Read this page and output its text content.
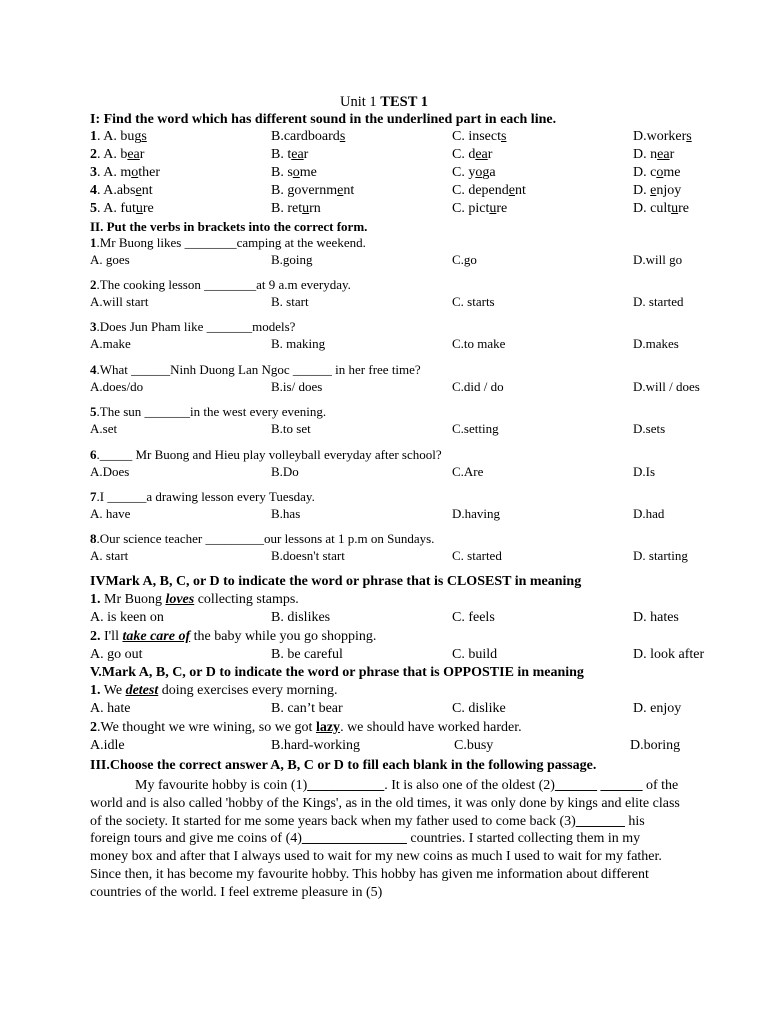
Unit 1 TEST 1
I: Find the word which has different sound in the underlined part in each line.
1. A. bugs	B.cardboards	C. insects	D.workers
2. A. bear	B. tear	C. dear	D. near
3. A. mother	B. some	C. yoga	D. come
4. A.absent	B. government	C. dependent	D. enjoy
5. A. future	B. return	C. picture	D. culture
II. Put the verbs in brackets into the correct form.
1.Mr Buong likes ________camping at the weekend.
A. goes	B.going	C.go	D.will go
2.The cooking lesson ________at 9 a.m everyday.
A.will start	B. start	C. starts	D. started
3.Does Jun Pham like _______models?
A.make	B. making	C.to make	D.makes
4.What ______Ninh Duong Lan Ngoc ______ in her free time?
A.does/do	B.is/ does	C.did / do	D.will / does
5.The sun _______in the west every evening.
A.set	B.to set	C.setting	D.sets
6._____ Mr Buong and Hieu play volleyball everyday after school?
A.Does	B.Do	C.Are	D.Is
7.I ______a drawing lesson every Tuesday.
A. have	B.has	D.having	D.had
8.Our science teacher _________our lessons at 1 p.m on Sundays.
A. start	B.doesn't start	C. started	D. starting
IVMark A, B, C, or D to indicate the word or phrase that is CLOSEST in meaning
1. Mr Buong loves collecting stamps.
A. is keen on	B. dislikes	C. feels	D. hates
2. I'll take care of the baby while you go shopping.
A. go out	B. be careful	C. build	D. look after
V.Mark A, B, C, or D to indicate the word or phrase that is OPPOSTIE in meaning
1. We detest doing exercises every morning.
A. hate	B. can’t bear	C. dislike	D. enjoy
2.We thought we wre wining, so we got lazy. we should have worked harder.
A.idle	B.hard-working	C.busy	D.boring
III.Choose the correct answer A, B, C or D to fill each blank in the following passage.
My favourite hobby is coin (1)___________. It is also one of the oldest (2)______ ______ of the world and is also called 'hobby of the Kings', as in the old times, it was only done by kings and elite class of the society. It started for me some years back when my father used to come back (3)_______ his foreign tours and give me coins of (4)_______________ countries. I started collecting them in my money box and after that I always used to wait for my new coins as much I used to wait for my father. Since then, it has become my favourite hobby. This hobby has given me information about different countries of the world. I feel extreme pleasure in (5)
